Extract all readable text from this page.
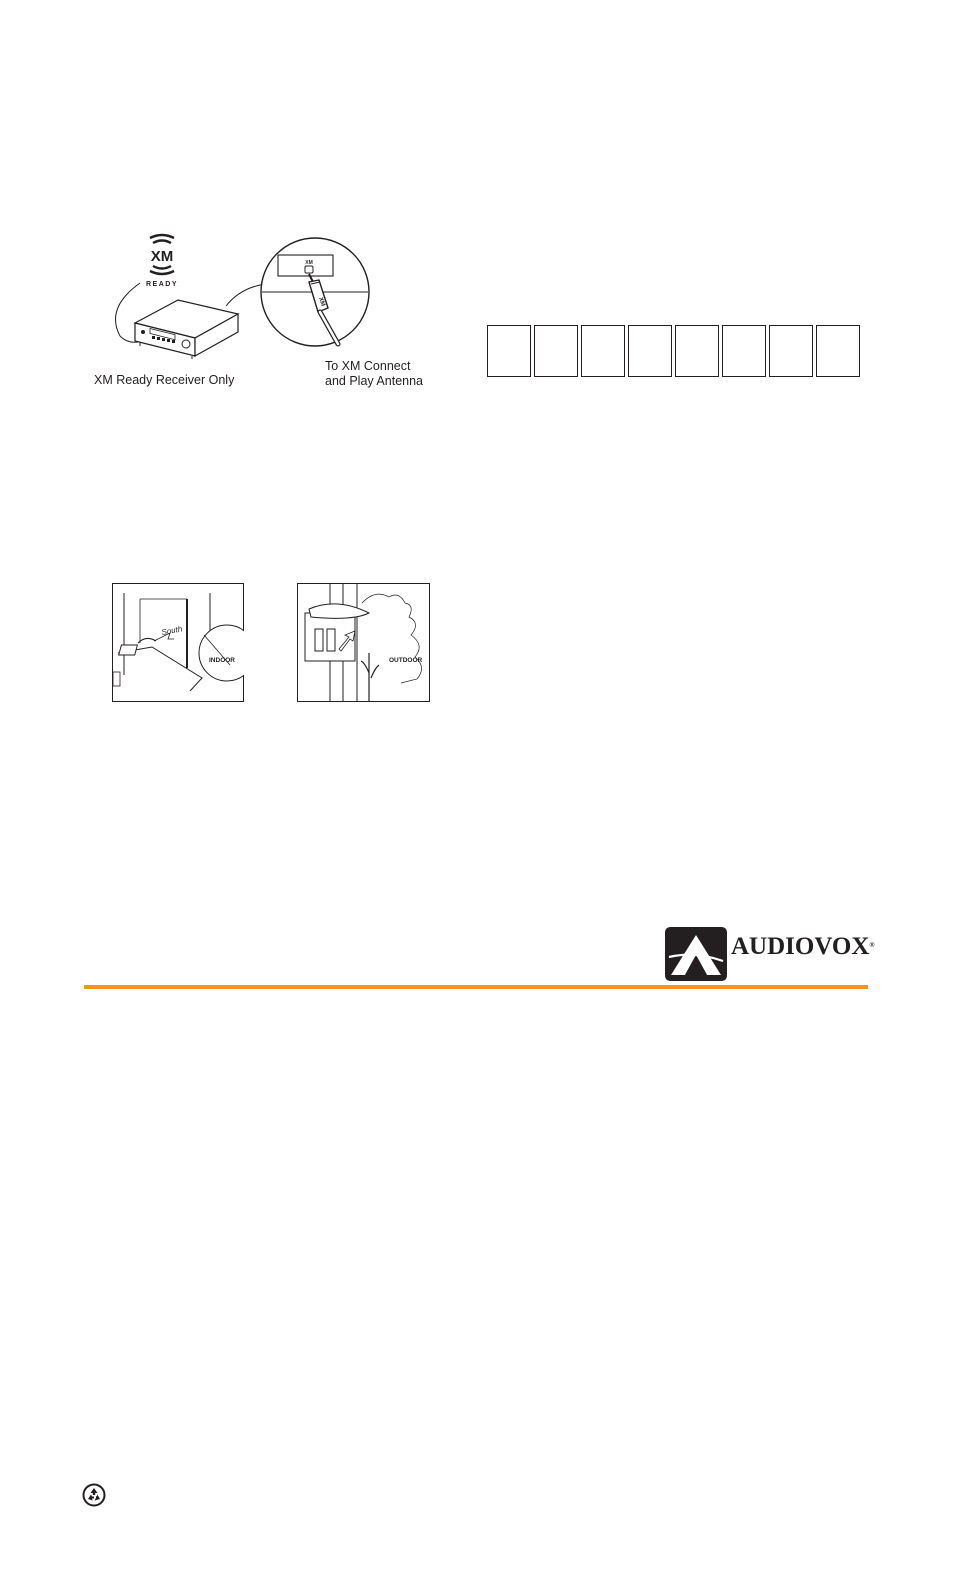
XM
READY
XM
XM
XM Ready Receiver Only
To XM Connect
and Play Antenna
South
INDOOR	OUTDOOR
AUDIOVOX®
